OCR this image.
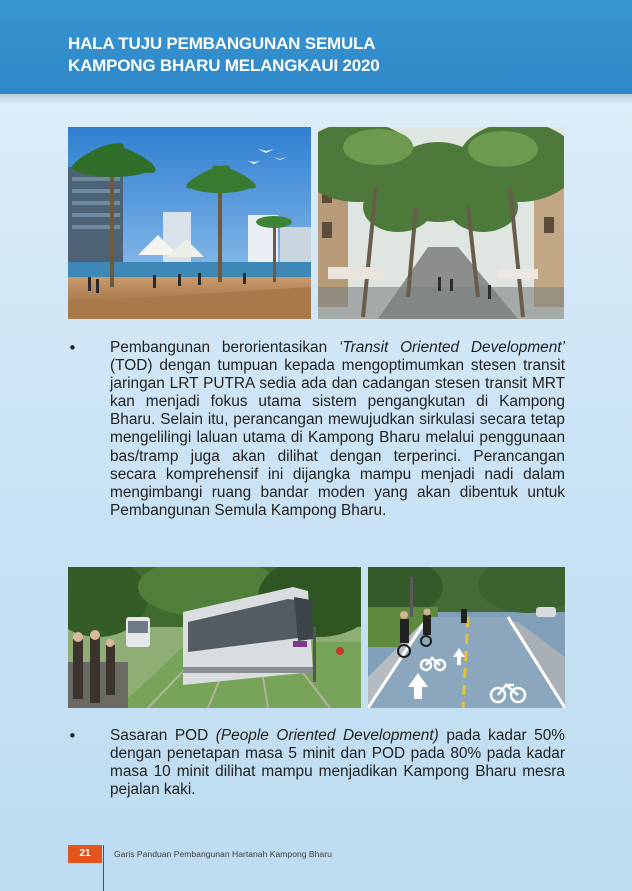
HALA TUJU PEMBANGUNAN SEMULA
KAMPONG BHARU MELANGKAUI 2020
• Pembangunan berorientasikan ‘Transit Oriented Development’ (TOD) dengan tumpuan kepada mengoptimumkan stesen transit jaringan LRT PUTRA sedia ada dan cadangan stesen transit MRT kan menjadi fokus utama sistem pengangkutan di Kampong Bharu. Selain itu, perancangan mewujudkan sirkulasi secara tetap mengelilingi laluan utama di Kampong Bharu melalui penggunaan bas/tramp juga akan dilihat dengan terperinci. Perancangan secara komprehensif ini dijangka mampu menjadi nadi dalam mengimbangi ruang bandar moden yang akan dibentuk untuk Pembangunan Semula Kampong Bharu.

• Sasaran POD (People Oriented Development) pada kadar 50% dengan penetapan masa 5 minit dan POD pada 80% pada kadar masa 10 minit dilihat mampu menjadikan Kampong Bharu mesra pejalan kaki.

21	Garis Panduan Pembangunan Hartanah Kampong Bharu
